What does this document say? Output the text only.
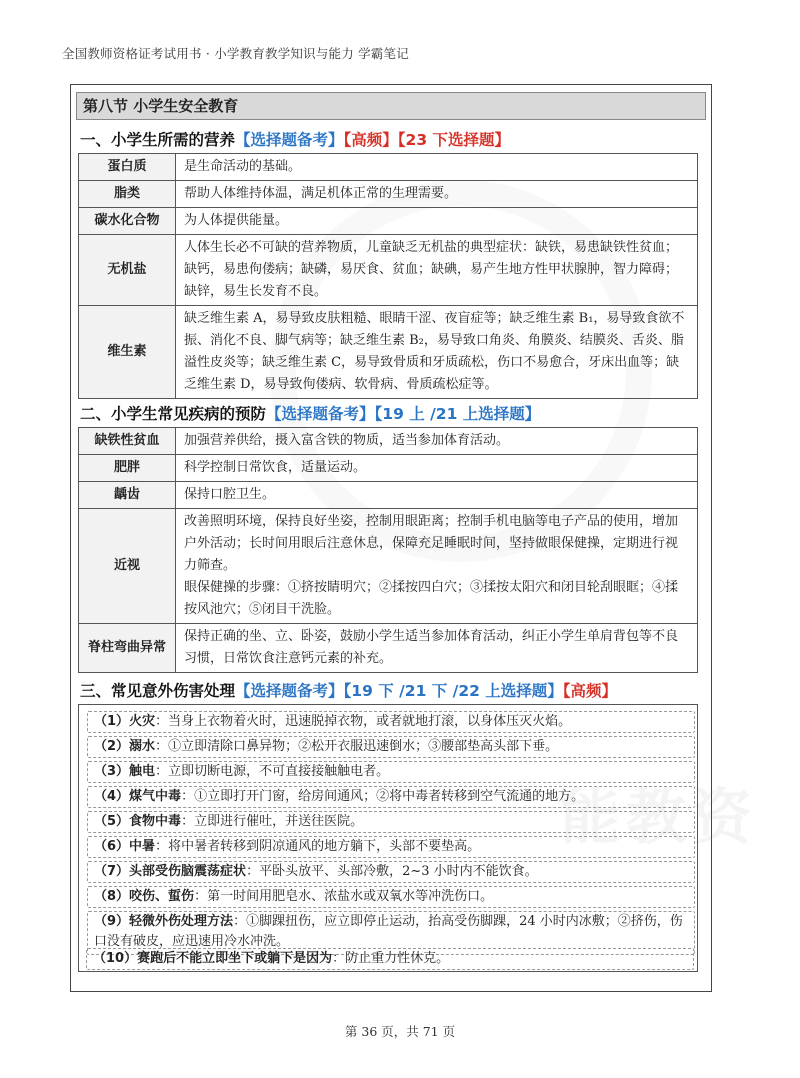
全国教师资格证考试用书 · 小学教育教学知识与能力 学霸笔记
能教资
第八节 小学生安全教育
一、小学生所需的营养【选择题备考】【高频】【23 下选择题】
蛋白质	是生命活动的基础。
脂类	帮助人体维持体温，满足机体正常的生理需要。
碳水化合物	为人体提供能量。
无机盐	人体生长必不可缺的营养物质，儿童缺乏无机盐的典型症状：缺铁，易患缺铁性贫血；缺钙，易患佝偻病；缺磷，易厌食、贫血；缺碘，易产生地方性甲状腺肿，智力障碍；缺锌，易生长发育不良。
维生素	缺乏维生素 A，易导致皮肤粗糙、眼睛干涩、夜盲症等；缺乏维生素 B₁，易导致食欲不振、消化不良、脚气病等；缺乏维生素 B₂，易导致口角炎、角膜炎、结膜炎、舌炎、脂溢性皮炎等；缺乏维生素 C，易导致骨质和牙质疏松，伤口不易愈合，牙床出血等；缺乏维生素 D，易导致佝偻病、软骨病、骨质疏松症等。
二、小学生常见疾病的预防【选择题备考】【19 上 /21 上选择题】
缺铁性贫血	加强营养供给，摄入富含铁的物质，适当参加体育活动。
肥胖	科学控制日常饮食，适量运动。
龋齿	保持口腔卫生。
近视	改善照明环境，保持良好坐姿，控制用眼距离；控制手机电脑等电子产品的使用，增加户外活动；长时间用眼后注意休息，保障充足睡眠时间，坚持做眼保健操，定期进行视力筛查。
眼保健操的步骤：①挤按睛明穴；②揉按四白穴；③揉按太阳穴和闭目轮刮眼眶；④揉按风池穴；⑤闭目干洗脸。

脊柱弯曲异常	保持正确的坐、立、卧姿，鼓励小学生适当参加体育活动，纠正小学生单肩背包等不良习惯，日常饮食注意钙元素的补充。
三、常见意外伤害处理【选择题备考】【19 下 /21 下 /22 上选择题】【高频】
（1）火灾：当身上衣物着火时，迅速脱掉衣物，或者就地打滚，以身体压灭火焰。
（2）溺水：①立即清除口鼻异物；②松开衣服迅速倒水；③腰部垫高头部下垂。
（3）触电：立即切断电源，不可直接接触触电者。
（4）煤气中毒：①立即打开门窗，给房间通风；②将中毒者转移到空气流通的地方。
（5）食物中毒：立即进行催吐，并送往医院。
（6）中暑：将中暑者转移到阴凉通风的地方躺下，头部不要垫高。
（7）头部受伤脑震荡症状：平卧头放平、头部冷敷，2~3 小时内不能饮食。
（8）咬伤、蜇伤：第一时间用肥皂水、浓盐水或双氧水等冲洗伤口。
（9）轻微外伤处理方法：①脚踝扭伤，应立即停止运动，抬高受伤脚踝，24 小时内冰敷；②挤伤，伤口没有破皮，应迅速用冷水冲洗。
（10）赛跑后不能立即坐下或躺下是因为：防止重力性休克。
第 36 页，共 71 页
